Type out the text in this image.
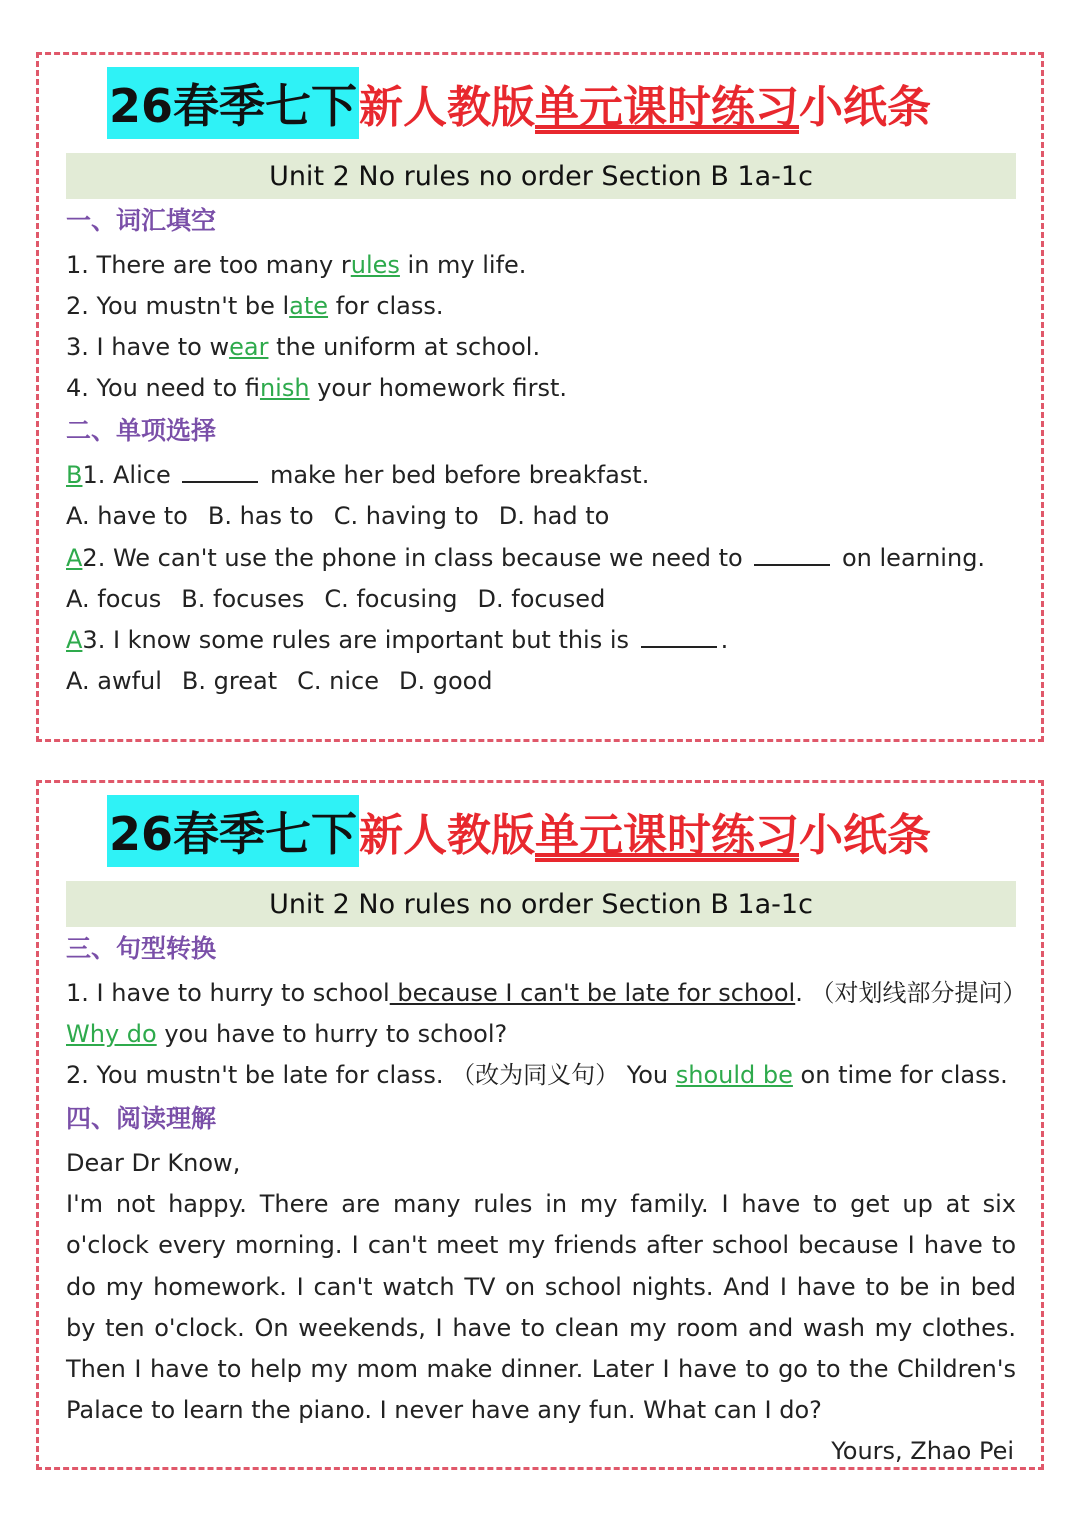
26春季七下 新人教版 单元课时练习 小纸条
Unit 2 No rules no order Section B 1a-1c
一、词汇填空
1. There are too many rules in my life.
2. You mustn't be late for class.
3. I have to wear the uniform at school.
4. You need to finish your homework first.
二、单项选择
B1. Alice	make her bed before breakfast.
A. have to B. has to C. having to D. had to
A2. We can't use the phone in class because we need to	on learning.
A. focus B. focuses C. focusing D. focused
A3. I know some rules are important but this is	.
A. awful B. great C. nice D. good
26春季七下 新人教版 单元课时练习 小纸条
Unit 2 No rules no order Section B 1a-1c
三、句型转换
1. I have to hurry to school because I can't be late for school. （对划线部分提问）
Why do you have to hurry to school?
2. You mustn't be late for class. （改为同义句） You should be on time for class.
四、阅读理解
Dear Dr Know,
I'm not happy. There are many rules in my family. I have to get up at six o'clock every morning. I can't meet my friends after school because I have to do my homework. I can't watch TV on school nights. And I have to be in bed by ten o'clock. On weekends, I have to clean my room and wash my clothes. Then I have to help my mom make dinner. Later I have to go to the Children's Palace to learn the piano. I never have any fun. What can I do?
Yours, Zhao Pei
